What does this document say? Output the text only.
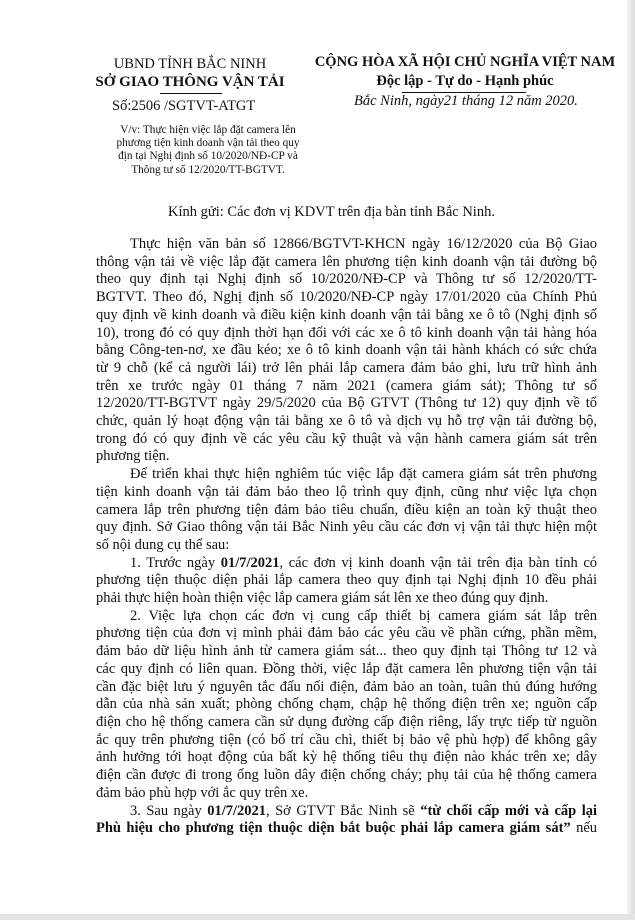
UBND TỈNH BẮC NINH
SỞ GIAO THÔNG VẬN TẢI
Số:2506 /SGTVT-ATGT
V/v: Thực hiện việc lắp đặt camera lên
phương tiện kinh doanh vận tải theo quy
địn tại Nghị định số 10/2020/NĐ-CP và
Thông tư số 12/2020/TT-BGTVT.
CỘNG HÒA XÃ HỘI CHỦ NGHĨA VIỆT NAM
Độc lập - Tự do - Hạnh phúc
Bắc Ninh, ngày21 tháng 12 năm 2020.
Kính gửi: Các đơn vị KDVT trên địa bàn tỉnh Bắc Ninh.
Thực hiện văn bản số 12866/BGTVT-KHCN ngày 16/12/2020 của Bộ Giao
thông vận tải về việc lắp đặt camera lên phương tiện kinh doanh vận tải đường bộ
theo quy định tại Nghị định số 10/2020/NĐ-CP và Thông tư số 12/2020/TT-
BGTVT. Theo đó, Nghị định số 10/2020/NĐ-CP ngày 17/01/2020 của Chính Phủ
quy định về kinh doanh và điều kiện kinh doanh vận tải bằng xe ô tô (Nghị định số
10), trong đó có quy định thời hạn đối với các xe ô tô kinh doanh vận tải hàng hóa
bằng Công-ten-nơ, xe đầu kéo; xe ô tô kinh doanh vận tải hành khách có sức chứa
từ 9 chỗ (kể cả người lái) trở lên phải lắp camera đảm bảo ghi, lưu trữ hình ảnh
trên xe trước ngày 01 tháng 7 năm 2021 (camera giám sát); Thông tư số
12/2020/TT-BGTVT ngày 29/5/2020 của Bộ GTVT (Thông tư 12) quy định về tổ
chức, quản lý hoạt động vận tải bằng xe ô tô và dịch vụ hỗ trợ vận tải đường bộ,
trong đó có quy định về các yêu cầu kỹ thuật và vận hành camera giám sát trên
phương tiện.
Để triển khai thực hiện nghiêm túc việc lắp đặt camera giám sát trên phương
tiện kinh doanh vận tải đảm bảo theo lộ trình quy định, cũng như việc lựa chọn
camera lắp trên phương tiện đảm bảo tiêu chuẩn, điều kiện an toàn kỹ thuật theo
quy định. Sở Giao thông vận tải Bắc Ninh yêu cầu các đơn vị vận tải thực hiện một
số nội dung cụ thể sau:
1. Trước ngày 01/7/2021, các đơn vị kinh doanh vận tải trên địa bàn tỉnh có
phương tiện thuộc diện phải lắp camera theo quy định tại Nghị định 10 đều phải
phải thực hiện hoàn thiện việc lắp camera giám sát lên xe theo đúng quy định.
2. Việc lựa chọn các đơn vị cung cấp thiết bị camera giám sát lắp trên
phương tiện của đơn vị mình phải đảm bảo các yêu cầu về phần cứng, phần mềm,
đảm bảo dữ liệu hình ảnh từ camera giám sát... theo quy định tại Thông tư 12 và
các quy định có liên quan. Đồng thời, việc lắp đặt camera lên phương tiện vận tải
cần đặc biệt lưu ý nguyên tắc đấu nối điện, đảm bảo an toàn, tuân thủ đúng hướng
dẫn của nhà sản xuất; phòng chống chạm, chập hệ thống điện trên xe; nguồn cấp
điện cho hệ thống camera cần sử dụng đường cấp điện riêng, lấy trực tiếp từ nguồn
ắc quy trên phương tiện (có bố trí cầu chì, thiết bị bảo vệ phù hợp) để không gây
ảnh hưởng tới hoạt động của bất kỳ hệ thống tiêu thụ điện nào khác trên xe; dây
điện cần được đi trong ống luồn dây điện chống cháy; phụ tải của hệ thống camera
đảm bảo phù hợp với ắc quy trên xe.
3. Sau ngày 01/7/2021, Sở GTVT Bắc Ninh sẽ “từ chối cấp mới và cấp lại
Phù hiệu cho phương tiện thuộc diện bắt buộc phải lắp camera giám sát” nếu
